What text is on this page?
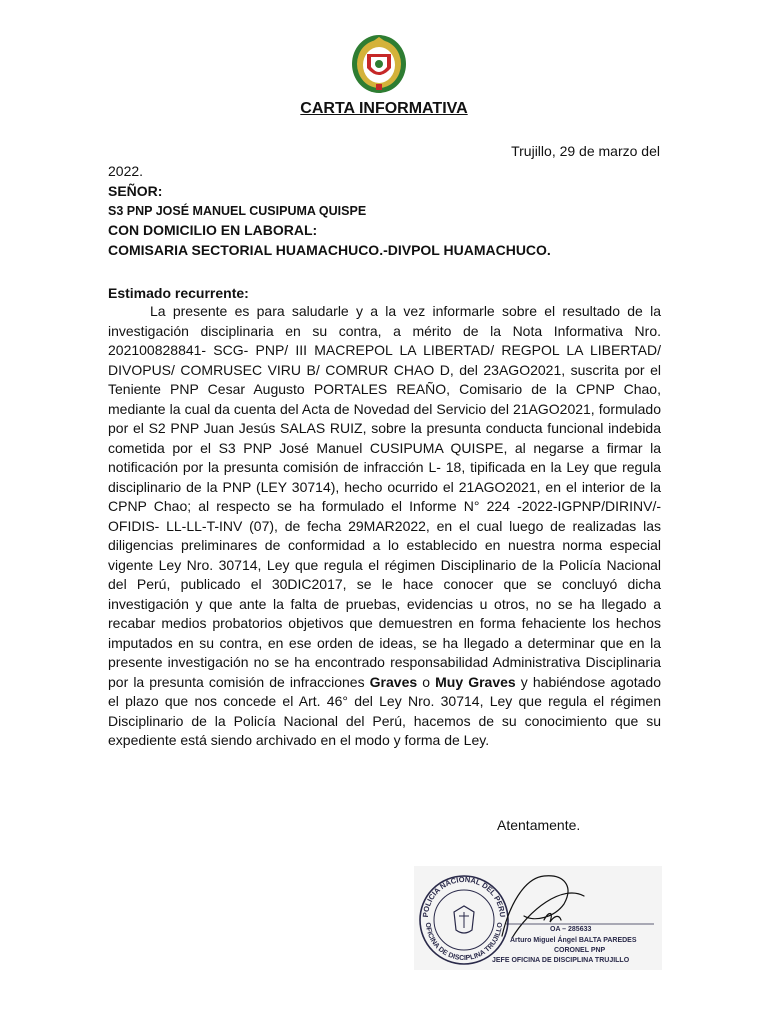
CARTA INFORMATIVA
Trujillo, 29 de marzo del
2022.
SEÑOR:
S3 PNP JOSÉ MANUEL CUSIPUMA QUISPE
CON DOMICILIO EN LABORAL:
COMISARIA SECTORIAL HUAMACHUCO.-DIVPOL HUAMACHUCO.
Estimado recurrente:

La presente es para saludarle y a la vez informarle sobre el resultado de la investigación disciplinaria en su contra, a mérito de la Nota Informativa Nro. 202100828841- SCG- PNP/ III MACREPOL LA LIBERTAD/ REGPOL LA LIBERTAD/ DIVOPUS/ COMRUSEC VIRU B/ COMRUR CHAO D, del 23AGO2021, suscrita por el Teniente PNP Cesar Augusto PORTALES REAÑO, Comisario de la CPNP Chao, mediante la cual da cuenta del Acta de Novedad del Servicio del 21AGO2021, formulado por el S2 PNP Juan Jesús SALAS RUIZ, sobre la presunta conducta funcional indebida cometida por el S3 PNP José Manuel CUSIPUMA QUISPE, al negarse a firmar la notificación por la presunta comisión de infracción L- 18, tipificada en la Ley que regula disciplinario de la PNP (LEY 30714), hecho ocurrido el 21AGO2021, en el interior de la CPNP Chao; al respecto se ha formulado el Informe N° 224 -2022-IGPNP/DIRINV/- OFIDIS- LL-LL-T-INV (07), de fecha 29MAR2022, en el cual luego de realizadas las diligencias preliminares de conformidad a lo establecido en nuestra norma especial vigente Ley Nro. 30714, Ley que regula el régimen Disciplinario de la Policía Nacional del Perú, publicado el 30DIC2017, se le hace conocer que se concluyó dicha investigación y que ante la falta de pruebas, evidencias u otros, no se ha llegado a recabar medios probatorios objetivos que demuestren en forma fehaciente los hechos imputados en su contra, en ese orden de ideas, se ha llegado a determinar que en la presente investigación no se ha encontrado responsabilidad Administrativa Disciplinaria por la presunta comisión de infracciones Graves o Muy Graves y habiéndose agotado el plazo que nos concede el Art. 46° del Ley Nro. 30714, Ley que regula el régimen Disciplinario de la Policía Nacional del Perú, hacemos de su conocimiento que su expediente está siendo archivado en el modo y forma de Ley.

Atentamente.
POLICIA NACIONAL DEL PERU
OFICINA DE DISCIPLINA TRUJILLO
OA – 285633
Arturo Miguel Ángel BALTA PAREDES
CORONEL PNP
JEFE OFICINA DE DISCIPLINA TRUJILLO
